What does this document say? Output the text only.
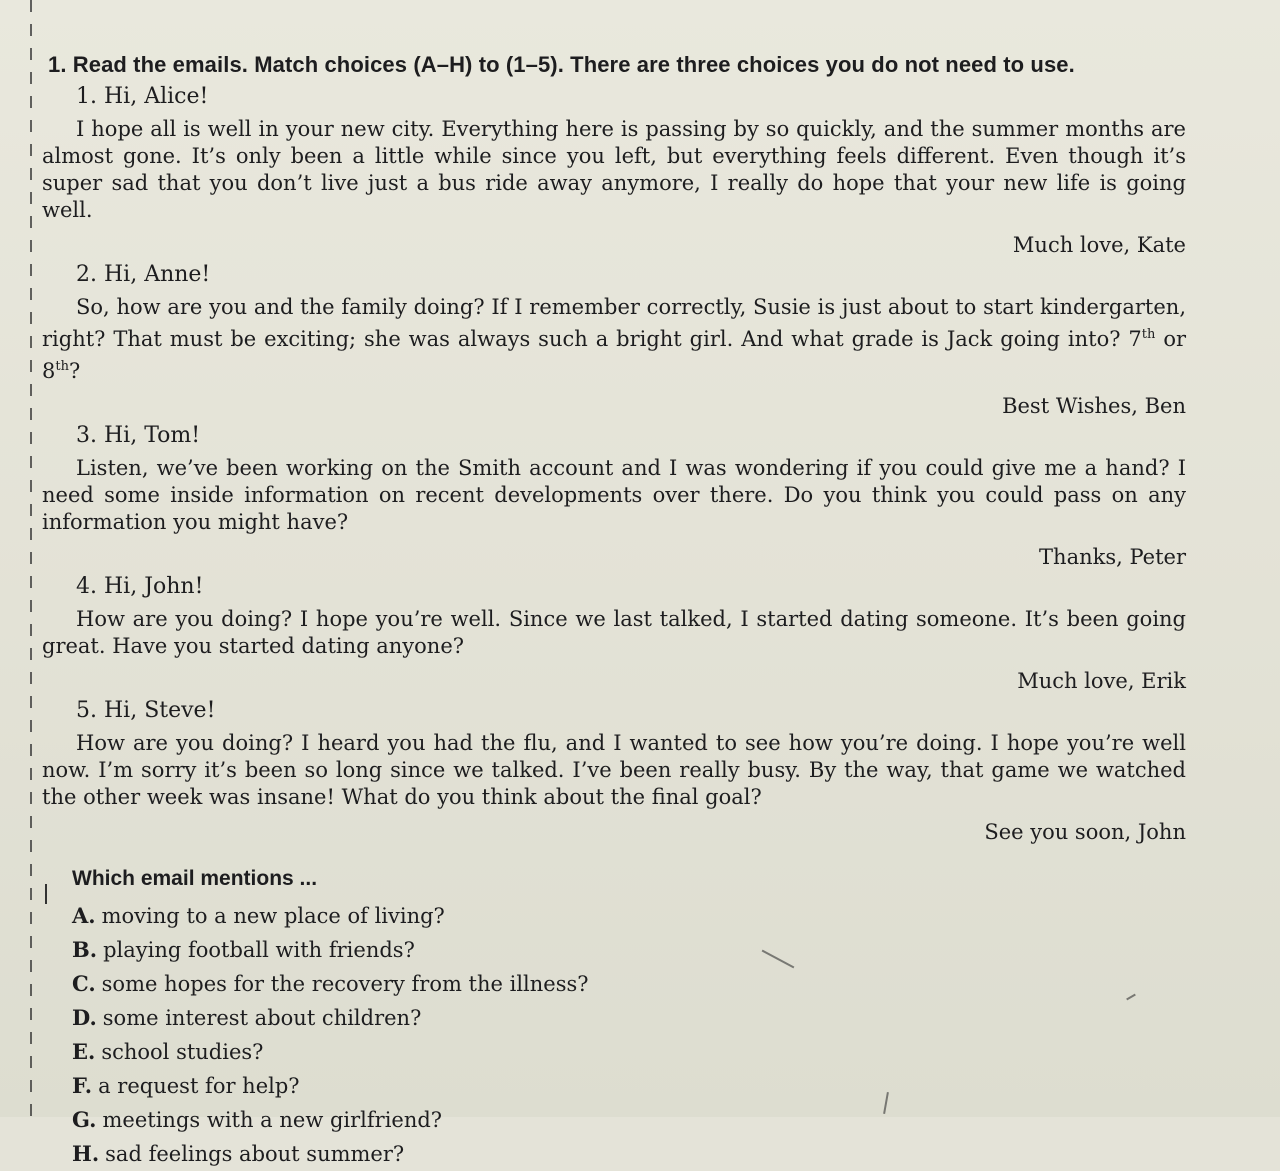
1. Read the emails. Match choices (A–H) to (1–5). There are three choices you do not need to use.
1. Hi, Alice!

I hope all is well in your new city. Everything here is passing by so quickly, and the summer months are almost gone. It’s only been a little while since you left, but everything feels different. Even though it’s super sad that you don’t live just a bus ride away anymore, I really do hope that your new life is going well.

Much love, Kate
2. Hi, Anne!

So, how are you and the family doing? If I remember correctly, Susie is just about to start kindergarten, right? That must be exciting; she was always such a bright girl. And what grade is Jack going into? 7th or 8th?

Best Wishes, Ben
3. Hi, Tom!

Listen, we’ve been working on the Smith account and I was wondering if you could give me a hand? I need some inside information on recent developments over there. Do you think you could pass on any information you might have?

Thanks, Peter
4. Hi, John!

How are you doing? I hope you’re well. Since we last talked, I started dating someone. It’s been going great. Have you started dating anyone?

Much love, Erik
5. Hi, Steve!

How are you doing? I heard you had the flu, and I wanted to see how you’re doing. I hope you’re well now. I’m sorry it’s been so long since we talked. I’ve been really busy. By the way, that game we watched the other week was insane! What do you think about the final goal?

See you soon, John
Which email mentions ...
A. moving to a new place of living?
B. playing football with friends?
C. some hopes for the recovery from the illness?
D. some interest about children?
E. school studies?
F. a request for help?
G. meetings with a new girlfriend?
H. sad feelings about summer?
